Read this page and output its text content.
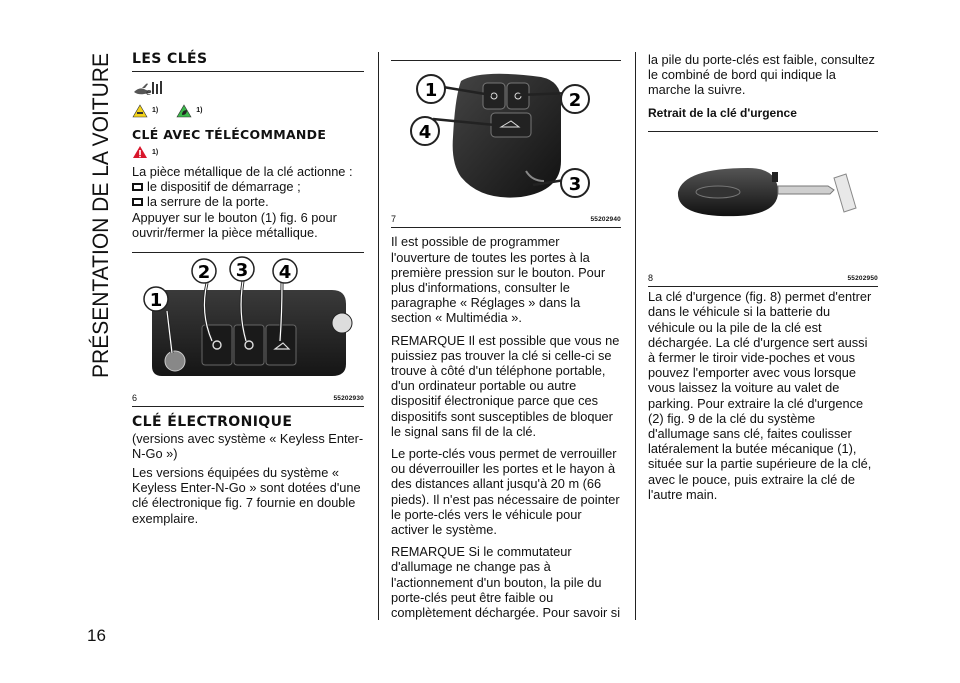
PRÉSENTATION DE LA VOITURE
16
LES CLÉS
e
1)	1)
CLÉ AVEC TÉLÉCOMMANDE
1)

La pièce métallique de la clé actionne :

le dispositif de démarrage ;
la serrure de la porte.

Appuyer sur le bouton (1) fig. 6 pour ouvrir/fermer la pièce métallique.

1
2 3 4
6	55202930
CLÉ ÉLECTRONIQUE

(versions avec système « Keyless Enter-N-Go »)

Les versions équipées du système « Keyless Enter-N-Go » sont dotées d'une clé électronique fig. 7 fournie en double exemplaire.

1	2
3
4
7	55202940

Il est possible de programmer l'ouverture de toutes les portes à la première pression sur le bouton. Pour plus d'informations, consulter le paragraphe « Réglages » dans la section « Multimédia ».

REMARQUE Il est possible que vous ne puissiez pas trouver la clé si celle-ci se trouve à côté d'un téléphone portable, d'un ordinateur portable ou autre dispositif électronique parce que ces dispositifs sont susceptibles de bloquer le signal sans fil de la clé.

Le porte-clés vous permet de verrouiller ou déverrouiller les portes et le hayon à des distances allant jusqu'à 20 m (66 pieds). Il n'est pas nécessaire de pointer le porte-clés vers le véhicule pour activer le système.

REMARQUE Si le commutateur d'allumage ne change pas à l'actionnement d'un bouton, la pile du porte-clés peut être faible ou complètement déchargée. Pour savoir si

la pile du porte-clés est faible, consultez le combiné de bord qui indique la marche la suivre.

Retrait de la clé d'urgence
8	55202950

La clé d'urgence (fig. 8) permet d'entrer dans le véhicule si la batterie du véhicule ou la pile de la clé est déchargée. La clé d'urgence sert aussi à fermer le tiroir vide-poches et vous pouvez l'emporter avec vous lorsque vous laissez la voiture au valet de parking. Pour extraire la clé d'urgence (2) fig. 9 de la clé du système d'allumage sans clé, faites coulisser latéralement la butée mécanique (1), située sur la partie supérieure de la clé, avec le pouce, puis extraire la clé de l'autre main.
